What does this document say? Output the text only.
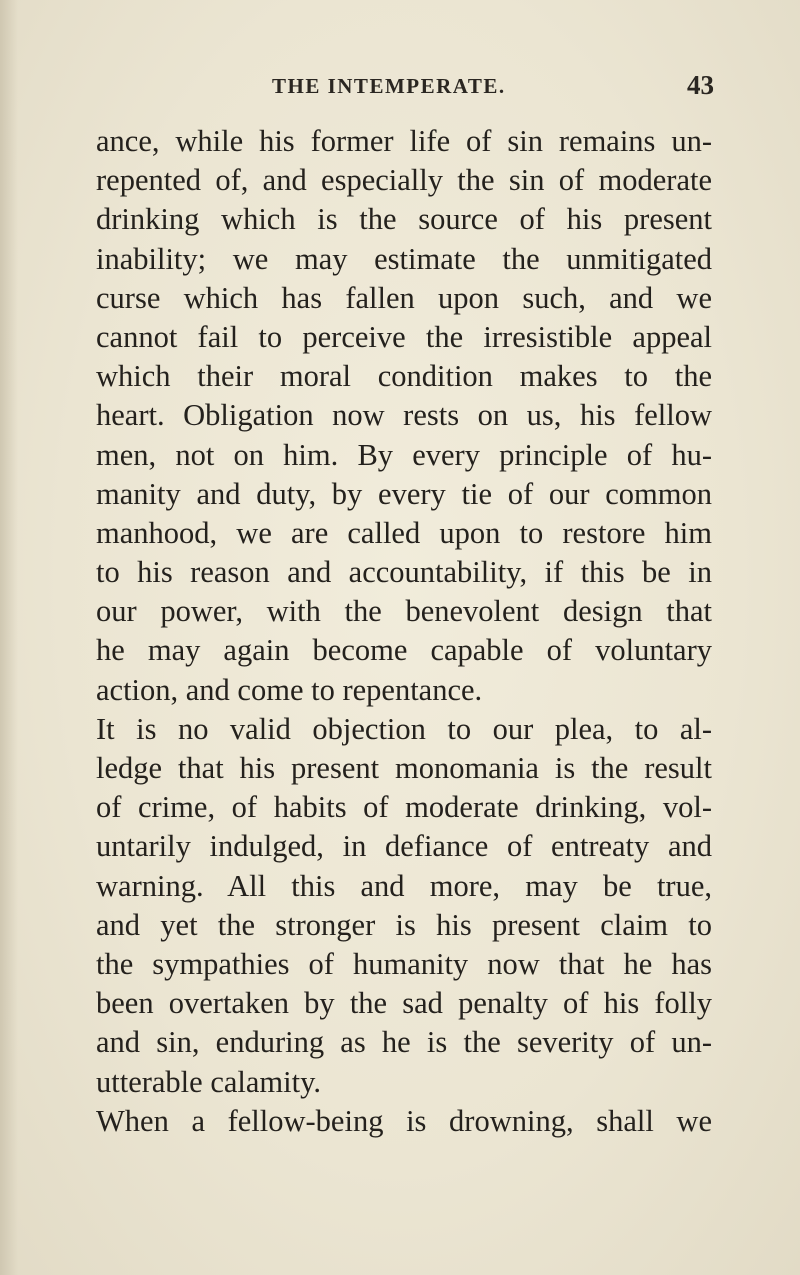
THE INTEMPERATE.	43
ance, while his former life of sin remains un-
repented of, and especially the sin of moderate
drinking which is the source of his present
inability; we may estimate the unmitigated
curse which has fallen upon such, and we
cannot fail to perceive the irresistible appeal
which their moral condition makes to the
heart. Obligation now rests on us, his fellow
men, not on him. By every principle of hu-
manity and duty, by every tie of our common
manhood, we are called upon to restore him
to his reason and accountability, if this be in
our power, with the benevolent design that
he may again become capable of voluntary
action, and come to repentance.
It is no valid objection to our plea, to al-
ledge that his present monomania is the result
of crime, of habits of moderate drinking, vol-
untarily indulged, in defiance of entreaty and
warning. All this and more, may be true,
and yet the stronger is his present claim to
the sympathies of humanity now that he has
been overtaken by the sad penalty of his folly
and sin, enduring as he is the severity of un-
utterable calamity.
When a fellow-being is drowning, shall we
